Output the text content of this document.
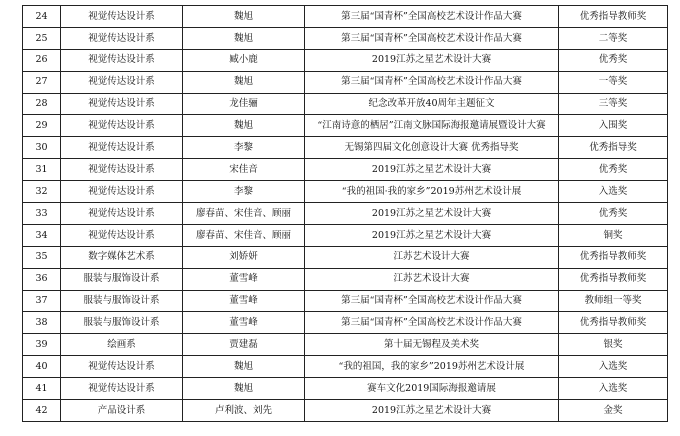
24	视觉传达设计系	魏旭	第三届“国青杯”全国高校艺术设计作品大赛	优秀指导教师奖
25	视觉传达设计系	魏旭	第三届“国青杯”全国高校艺术设计作品大赛	二等奖
26	视觉传达设计系	臧小鹿	2019江苏之星艺术设计大赛	优秀奖
27	视觉传达设计系	魏旭	第三届“国青杯”全国高校艺术设计作品大赛	一等奖
28	视觉传达设计系	龙佳骊	纪念改革开放40周年主题征文	三等奖
29	视觉传达设计系	魏旭	“江南诗意的栖居”江南文脉国际海报邀请展暨设计大赛	入围奖
30	视觉传达设计系	李黎	无锡第四届文化创意设计大赛 优秀指导奖	优秀指导奖
31	视觉传达设计系	宋佳音	2019江苏之星艺术设计大赛	优秀奖
32	视觉传达设计系	李黎	“我的祖国·我的家乡”2019苏州艺术设计展	入选奖
33	视觉传达设计系	廖春苗、宋佳音、顾丽	2019江苏之星艺术设计大赛	优秀奖
34	视觉传达设计系	廖春苗、宋佳音、顾丽	2019江苏之星艺术设计大赛	铜奖
35	数字媒体艺术系	刘娇妍	江苏艺术设计大赛	优秀指导教师奖
36	服装与服饰设计系	董雪峰	江苏艺术设计大赛	优秀指导教师奖
37	服装与服饰设计系	董雪峰	第三届“国青杯”全国高校艺术设计作品大赛	教师组一等奖
38	服装与服饰设计系	董雪峰	第三届“国青杯”全国高校艺术设计作品大赛	优秀指导教师奖
39	绘画系	贾建磊	第十届无锡程及美术奖	银奖
40	视觉传达设计系	魏旭	“我的祖国，我的家乡”2019苏州艺术设计展	入选奖
41	视觉传达设计系	魏旭	赛车文化2019国际海报邀请展	入选奖
42	产品设计系	卢利波、刘先	2019江苏之星艺术设计大赛	金奖
